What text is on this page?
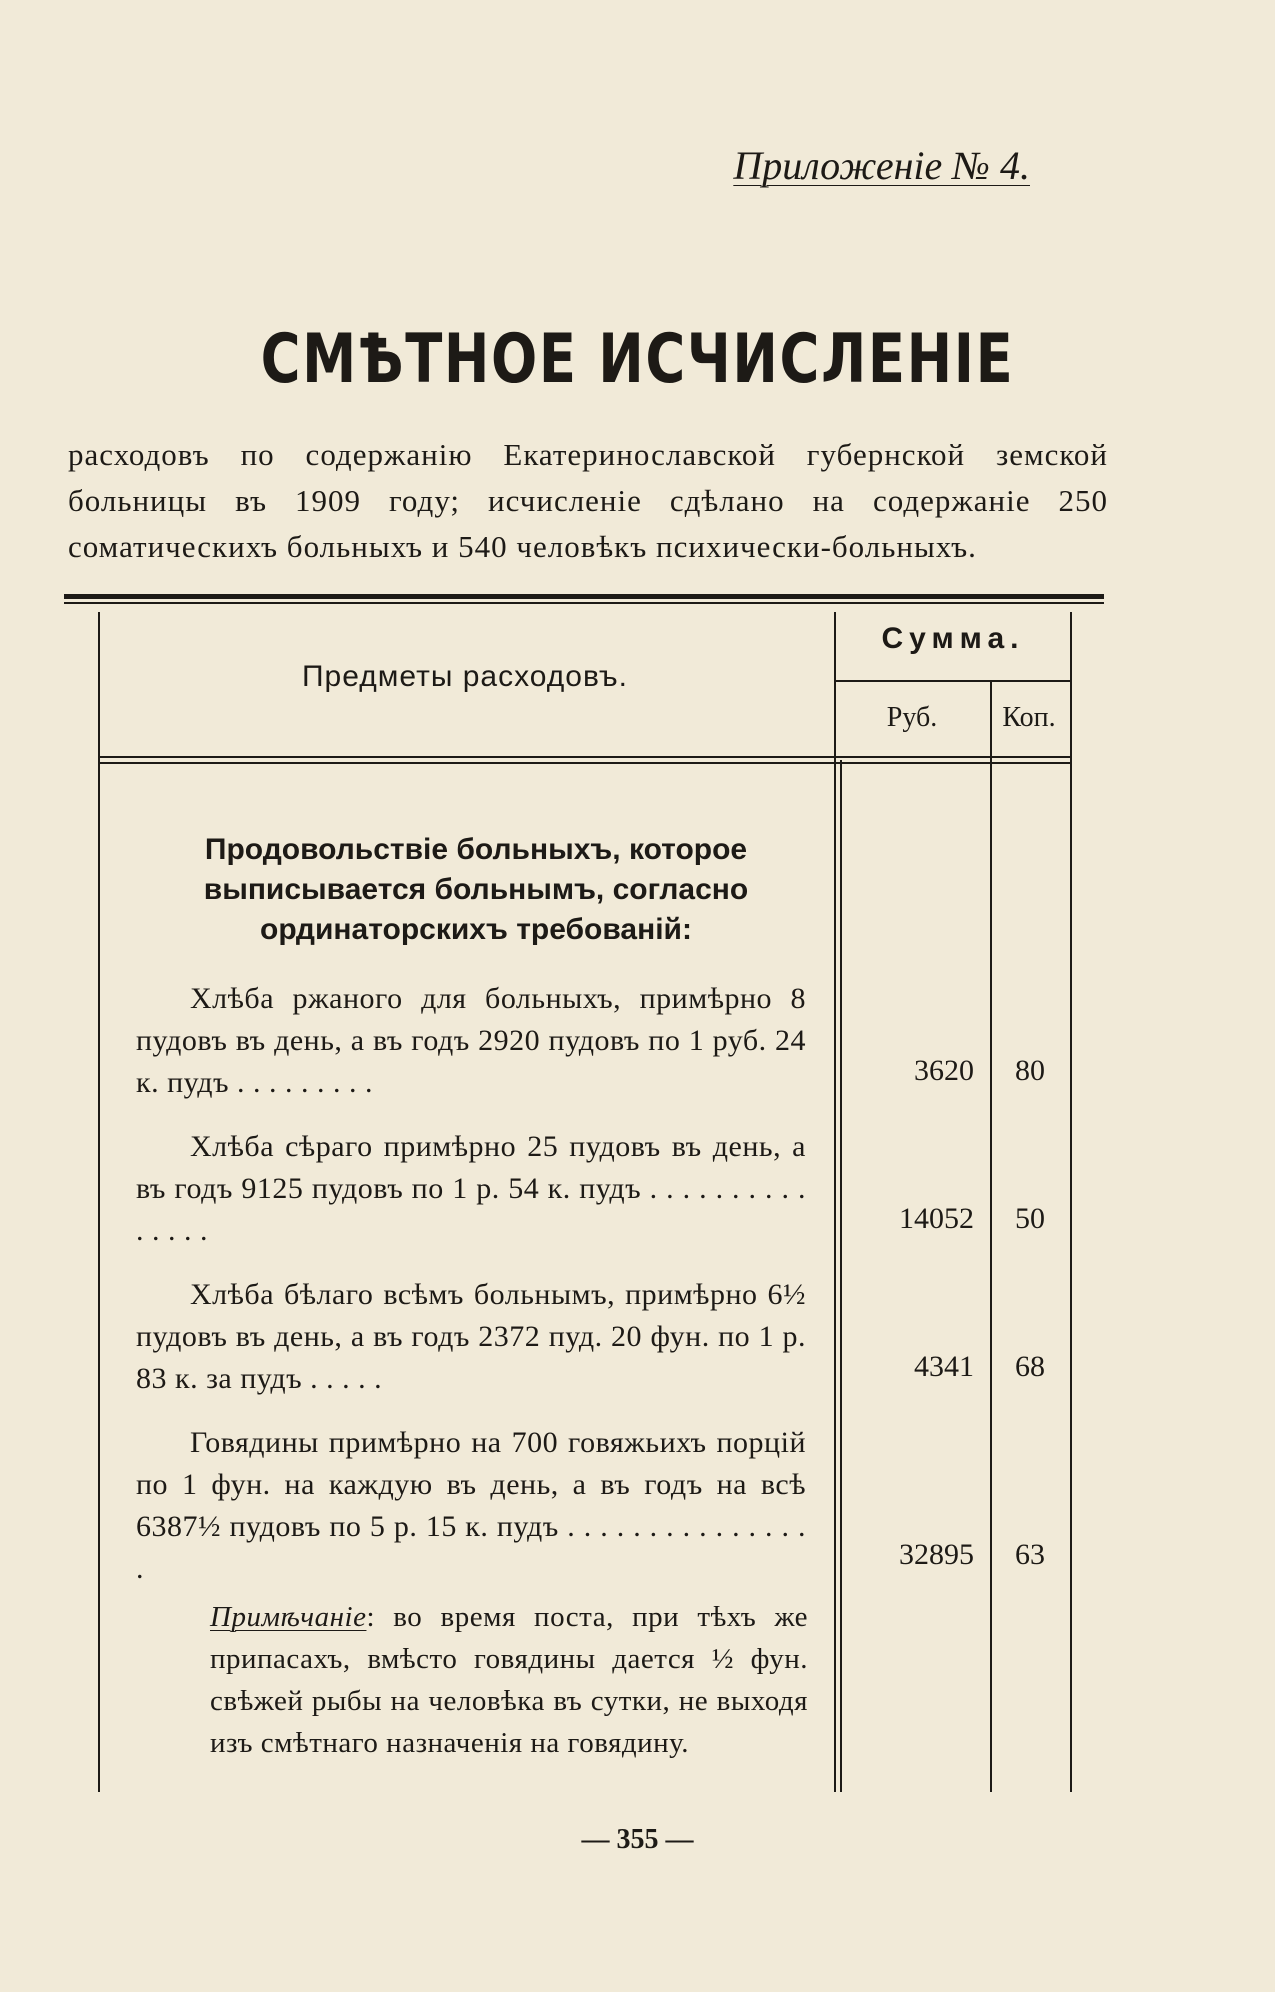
Приложеніе № 4.
СМѢТНОЕ ИСЧИСЛЕНІЕ
расходовъ по содержанію Екатеринославской губернской земской больницы въ 1909 году; исчисленіе сдѣлано на содержаніе 250 соматическихъ больныхъ и 540 человѣкъ психически-больныхъ.
Предметы расходовъ.
Сумма.
Руб.	Коп.
Продовольствіе больныхъ, которое выписывается больнымъ, согласно ординаторскихъ требованій:
Хлѣба ржаного для больныхъ, примѣрно 8 пудовъ въ день, а въ годъ 2920 пудовъ по 1 руб. 24 к. пудъ . . . . . . . . .	3620	80
Хлѣба сѣраго примѣрно 25 пудовъ въ день, а въ годъ 9125 пудовъ по 1 р. 54 к. пудъ . . . . . . . . . . . . . . .	14052	50
Хлѣба бѣлаго всѣмъ больнымъ, примѣрно 6½ пудовъ въ день, а въ годъ 2372 пуд. 20 фун. по 1 р. 83 к. за пудъ . . . . .	4341	68
Говядины примѣрно на 700 говяжьихъ порцій по 1 фун. на каждую въ день, а въ годъ на всѣ 6387½ пудовъ по 5 р. 15 к. пудъ . . . . . . . . . . . . . . . .	32895	63
Примѣчаніе: во время поста, при тѣхъ же припасахъ, вмѣсто говядины дается ½ фун. свѣжей рыбы на человѣка въ сутки, не выходя изъ смѣтнаго назначенія на говядину.
— 355 —
